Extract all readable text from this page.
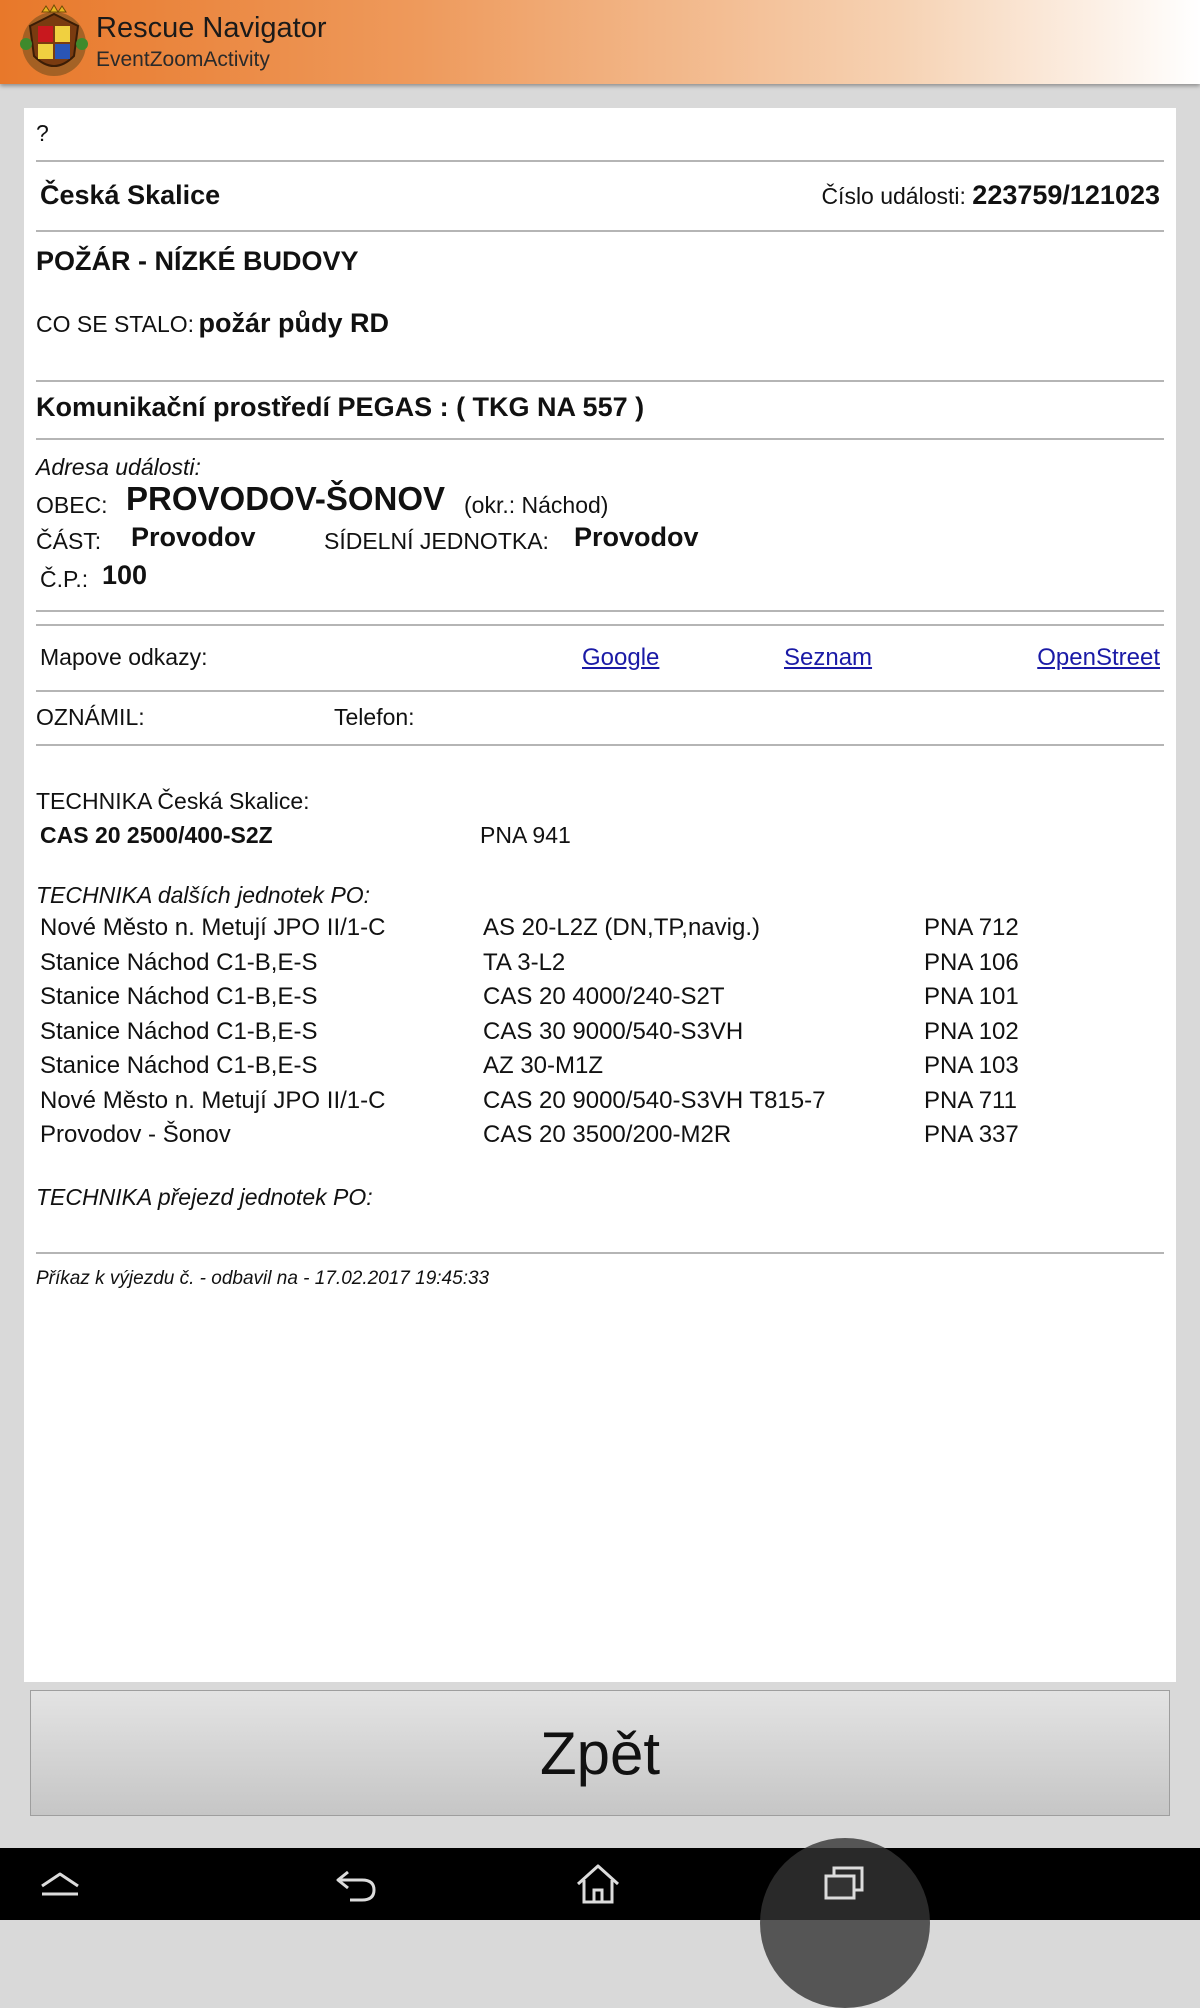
Rescue Navigator
EventZoomActivity
?
Česká Skalice	Číslo události: 223759/121023
POŽÁR - NÍZKÉ BUDOVY
CO SE STALO: požár půdy RD
Komunikační prostředí PEGAS : ( TKG NA 557 )
Adresa události:
OBEC: PROVODOV-ŠONOV (okr.: Náchod)
ČÁST: Provodov	SÍDELNÍ JEDNOTKA: Provodov
Č.P.: 100
Mapove odkazy:	Google	Seznam	OpenStreet
OZNÁMIL:	Telefon:
TECHNIKA Česká Skalice:
CAS 20 2500/400-S2Z	PNA 941
TECHNIKA dalších jednotek PO:
Nové Město n. Metují JPO II/1-C	AS 20-L2Z (DN,TP,navig.)	PNA 712
Stanice Náchod C1-B,E-S	TA 3-L2	PNA 106
Stanice Náchod C1-B,E-S	CAS 20 4000/240-S2T	PNA 101
Stanice Náchod C1-B,E-S	CAS 30 9000/540-S3VH	PNA 102
Stanice Náchod C1-B,E-S	AZ 30-M1Z	PNA 103
Nové Město n. Metují JPO II/1-C	CAS 20 9000/540-S3VH T815-7	PNA 711
Provodov - Šonov	CAS 20 3500/200-M2R	PNA 337
TECHNIKA přejezd jednotek PO:
Příkaz k výjezdu č. - odbavil na - 17.02.2017 19:45:33
Zpět
